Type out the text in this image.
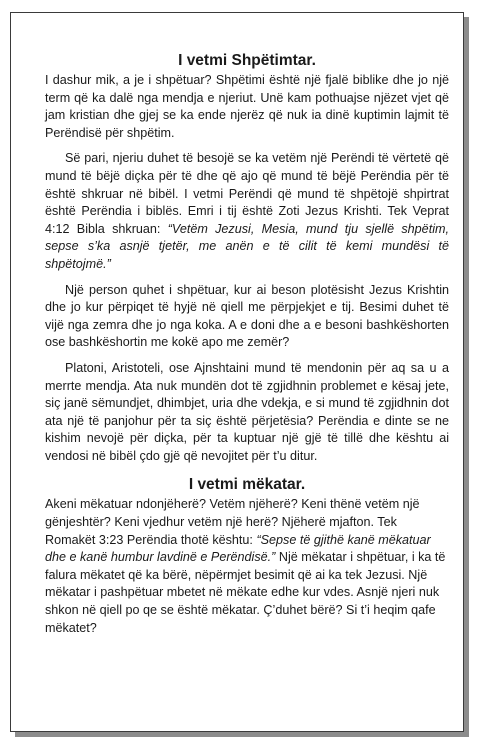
I vetmi Shpëtimtar.

I dashur mik, a je i shpëtuar? Shpëtimi është një fjalë biblike dhe jo një term që ka dalë nga mendja e njeriut. Unë kam pothuajse njëzet vjet që jam kristian dhe gjej se ka ende njerëz që nuk ia dinë kuptimin lajmit të Perëndisë për shpëtim.

Së pari, njeriu duhet të besojë se ka vetëm një Perëndi të vërtetë që mund të bëjë diçka për të dhe që ajo që mund të bëjë Perëndia për të është shkruar në bibël. I vetmi Perëndi që mund të shpëtojë shpirtrat është Perëndia i biblës. Emri i tij është Zoti Jezus Krishti. Tek Veprat 4:12 Bibla shkruan: “Vetëm Jezusi, Mesia, mund tju sjellë shpëtim, sepse s’ka asnjë tjetër, me anën e të cilit të kemi mundësi të shpëtojmë.”

Një person quhet i shpëtuar, kur ai beson plotësisht Jezus Krishtin dhe jo kur përpiqet të hyjë në qiell me përpjekjet e tij. Besimi duhet të vijë nga zemra dhe jo nga koka. A e doni dhe a e besoni bashkëshorten ose bashkëshortin me kokë apo me zemër?

Platoni, Aristoteli, ose Ajnshtaini mund të mendonin për aq sa u a merrte mendja. Ata nuk mundën dot të zgjidhnin problemet e kësaj jete, siç janë sëmundjet, dhimbjet, uria dhe vdekja, e si mund të zgjidhnin dot ata një të panjohur për ta siç është përjetësia? Perëndia e dinte se ne kishim nevojë për diçka, për ta kuptuar një gjë të tillë dhe kështu ai vendosi në bibël çdo gjë që nevojitet për t’u ditur.

I vetmi mëkatar.

Akeni mëkatuar ndonjëherë? Vetëm njëherë? Keni thënë vetëm një gënjeshtër? Keni vjedhur vetëm një herë? Njëherë mjafton. Tek Romakët 3:23 Perëndia thotë kështu: “Sepse të gjithë kanë mëkatuar dhe e kanë humbur lavdinë e Perëndisë.” Një mëkatar i shpëtuar, i ka të falura mëkatet që ka bërë, nëpërmjet besimit që ai ka tek Jezusi. Një mëkatar i pashpëtuar mbetet në mëkate edhe kur vdes. Asnjë njeri nuk shkon në qiell po qe se është mëkatar. Ç’duhet bërë? Si t’i heqim qafe mëkatet?
